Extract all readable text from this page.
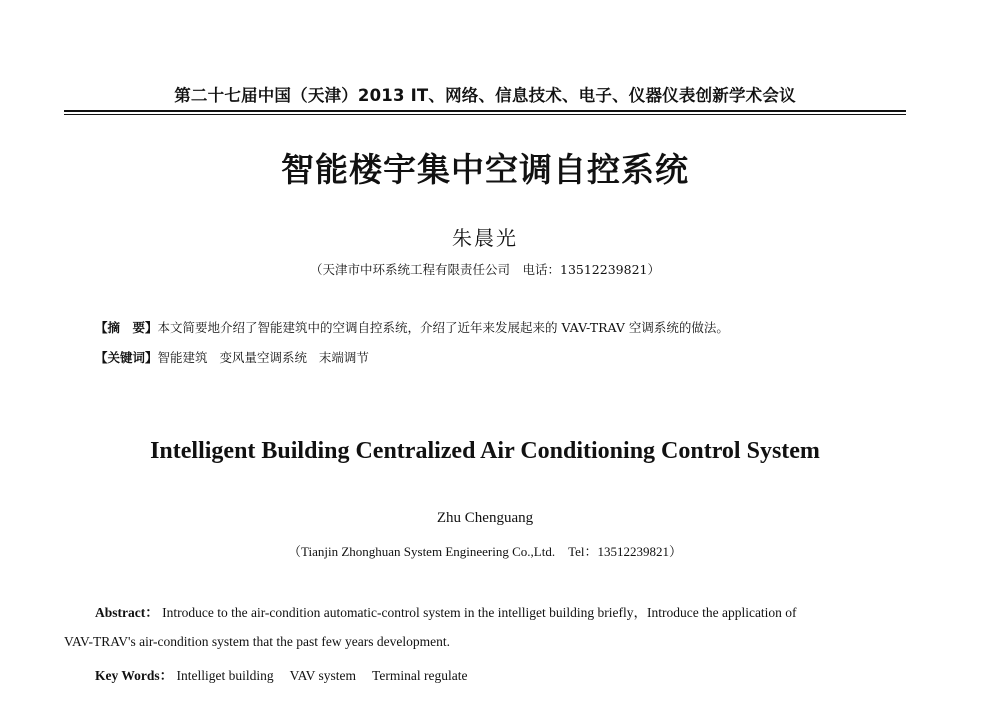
第二十七届中国（天津）2013 IT、网络、信息技术、电子、仪器仪表创新学术会议
智能楼宇集中空调自控系统
朱晨光
（天津市中环系统工程有限责任公司　电话：13512239821）
【摘　要】本文简要地介绍了智能建筑中的空调自控系统，介绍了近年来发展起来的 VAV-TRAV 空调系统的做法。
【关键词】智能建筑 变风量空调系统 末端调节
Intelligent Building Centralized Air Conditioning Control System
Zhu Chenguang
（Tianjin Zhonghuan System Engineering Co.,Ltd.　Tel：13512239821）
Abstract： Introduce to the air-condition automatic-control system in the intelliget building briefly，Introduce the application of
VAV-TRAV's air-condition system that the past few years development.
Key Words： Intelliget building VAV system Terminal regulate
